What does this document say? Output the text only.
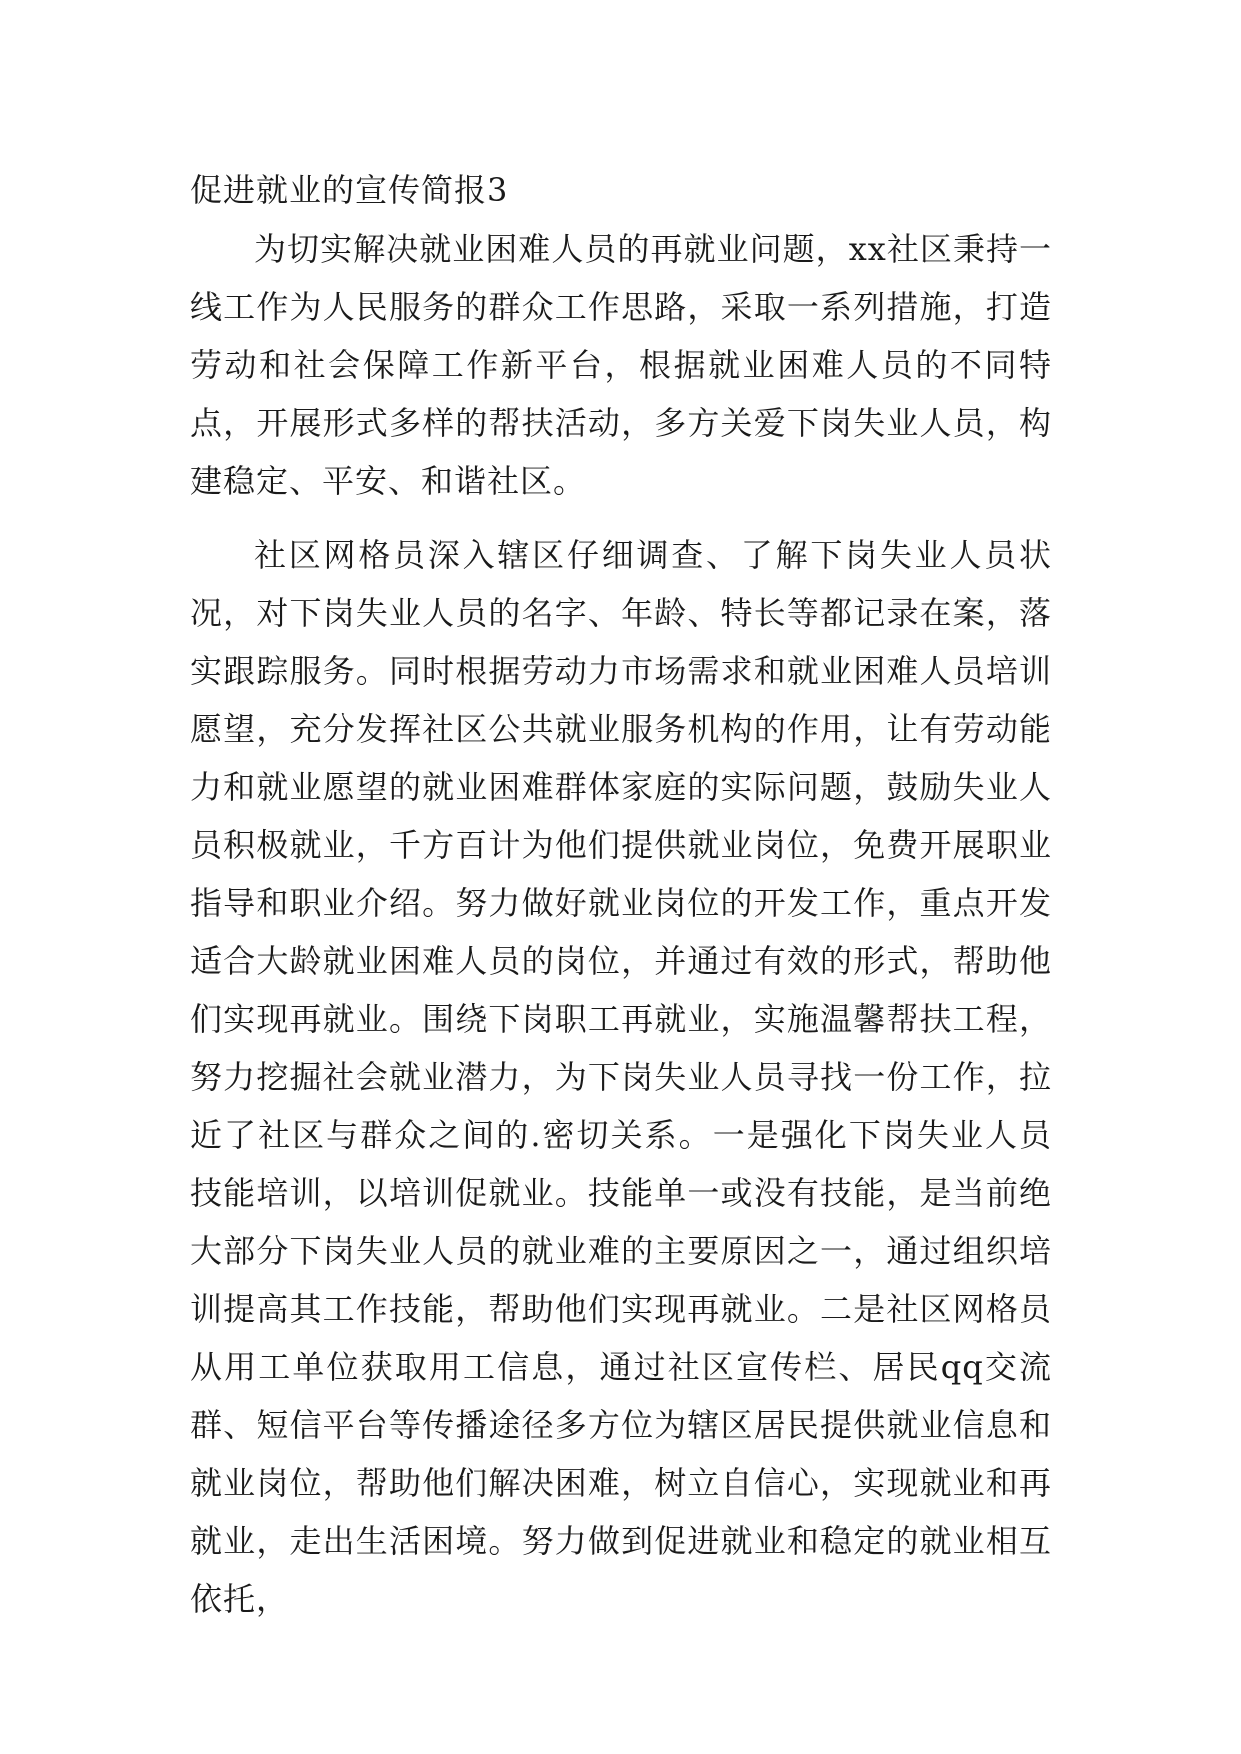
促进就业的宣传简报3

为切实解决就业困难人员的再就业问题，xx社区秉持一线工作为人民服务的群众工作思路，采取一系列措施，打造劳动和社会保障工作新平台，根据就业困难人员的不同特点，开展形式多样的帮扶活动，多方关爱下岗失业人员，构建稳定、平安、和谐社区。

社区网格员深入辖区仔细调查、了解下岗失业人员状况，对下岗失业人员的名字、年龄、特长等都记录在案，落实跟踪服务。同时根据劳动力市场需求和就业困难人员培训愿望，充分发挥社区公共就业服务机构的作用，让有劳动能力和就业愿望的就业困难群体家庭的实际问题，鼓励失业人员积极就业，千方百计为他们提供就业岗位，免费开展职业指导和职业介绍。努力做好就业岗位的开发工作，重点开发适合大龄就业困难人员的岗位，并通过有效的形式，帮助他们实现再就业。围绕下岗职工再就业，实施温馨帮扶工程，努力挖掘社会就业潜力，为下岗失业人员寻找一份工作，拉近了社区与群众之间的.密切关系。一是强化下岗失业人员技能培训，以培训促就业。技能单一或没有技能，是当前绝大部分下岗失业人员的就业难的主要原因之一，通过组织培训提高其工作技能，帮助他们实现再就业。二是社区网格员从用工单位获取用工信息，通过社区宣传栏、居民qq交流群、短信平台等传播途径多方位为辖区居民提供就业信息和就业岗位，帮助他们解决困难，树立自信心，实现就业和再就业，走出生活困境。努力做到促进就业和稳定的就业相互依托，
